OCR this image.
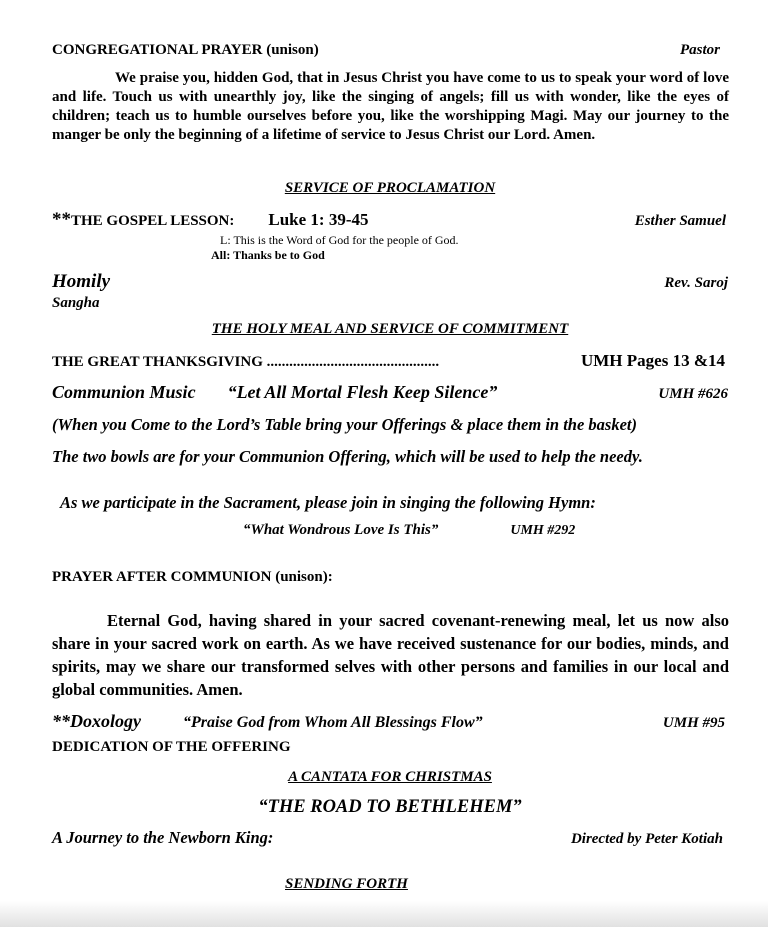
CONGREGATIONAL PRAYER (unison)	Pastor
We praise you, hidden God, that in Jesus Christ you have come to us to speak your word of love and life. Touch us with unearthly joy, like the singing of angels; fill us with wonder, like the eyes of children; teach us to humble ourselves before you, like the worshipping Magi. May our journey to the manger be only the beginning of a lifetime of service to Jesus Christ our Lord. Amen.
SERVICE OF PROCLAMATION
** THE GOSPEL LESSON: Luke 1: 39-45	Esther Samuel
L: This is the Word of God for the people of God.
All: Thanks be to God
Homily	Rev. Saroj
Sangha
THE HOLY MEAL AND SERVICE OF COMMITMENT
THE GREAT THANKSGIVING ..............................................	UMH Pages 13 &14
Communion Music “Let All Mortal Flesh Keep Silence”	UMH #626
(When you Come to the Lord’s Table bring your Offerings & place them in the basket)
The two bowls are for your Communion Offering, which will be used to help the needy.
As we participate in the Sacrament, please join in singing the following Hymn:
“What Wondrous Love Is This”	UMH #292
PRAYER AFTER COMMUNION (unison):
Eternal God, having shared in your sacred covenant-renewing meal, let us now also share in your sacred work on earth. As we have received sustenance for our bodies, minds, and spirits, may we share our transformed selves with other persons and families in our local and global communities. Amen.
**Doxology	“Praise God from Whom All Blessings Flow”	UMH #95
DEDICATION OF THE OFFERING
A CANTATA FOR CHRISTMAS
“THE ROAD TO BETHLEHEM”
A Journey to the Newborn King:	Directed by Peter Kotiah
SENDING FORTH
